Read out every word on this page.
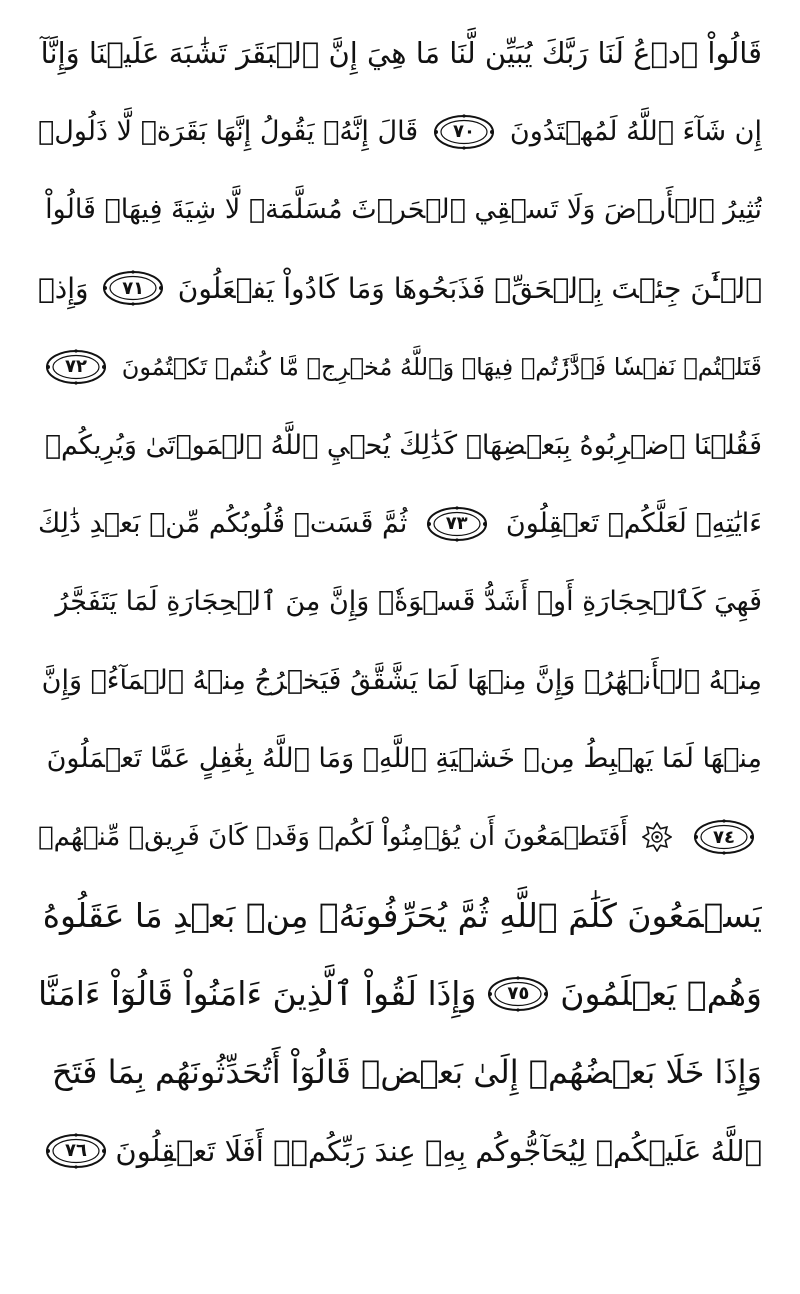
قَالُواْ ٱدۡعُ لَنَا رَبَّكَ يُبَيِّن لَّنَا مَا هِيَ إِنَّ ٱلۡبَقَرَ تَشَٰبَهَ عَلَيۡنَا وَإِنَّآ
إِن شَآءَ ٱللَّهُ لَمُهۡتَدُونَ
٧٠
قَالَ إِنَّهُۥ يَقُولُ إِنَّهَا بَقَرَةٞ لَّا ذَلُولٞ
تُثِيرُ ٱلۡأَرۡضَ وَلَا تَسۡقِي ٱلۡحَرۡثَ مُسَلَّمَةٞ لَّا شِيَةَ فِيهَاۚ قَالُواْ
ٱلۡـَٰٔنَ جِئۡتَ بِٱلۡحَقِّۚ فَذَبَحُوهَا وَمَا كَادُواْ يَفۡعَلُونَ
٧١
وَإِذۡ
قَتَلۡتُمۡ نَفۡسٗا فَٱدَّٰرَٰٔتُمۡ فِيهَاۖ وَٱللَّهُ مُخۡرِجٞ مَّا كُنتُمۡ تَكۡتُمُونَ
٧٢
فَقُلۡنَا ٱضۡرِبُوهُ بِبَعۡضِهَاۚ كَذَٰلِكَ يُحۡيِ ٱللَّهُ ٱلۡمَوۡتَىٰ وَيُرِيكُمۡ
ءَايَٰتِهِۦ لَعَلَّكُمۡ تَعۡقِلُونَ
٧٣
ثُمَّ قَسَتۡ قُلُوبُكُم مِّنۢ بَعۡدِ ذَٰلِكَ
فَهِيَ كَٱلۡحِجَارَةِ أَوۡ أَشَدُّ قَسۡوَةٗۚ وَإِنَّ مِنَ ٱلۡحِجَارَةِ لَمَا يَتَفَجَّرُ
مِنۡهُ ٱلۡأَنۡهَٰرُۚ وَإِنَّ مِنۡهَا لَمَا يَشَّقَّقُ فَيَخۡرُجُ مِنۡهُ ٱلۡمَآءُۚ وَإِنَّ
مِنۡهَا لَمَا يَهۡبِطُ مِنۡ خَشۡيَةِ ٱللَّهِۗ وَمَا ٱللَّهُ بِغَٰفِلٍ عَمَّا تَعۡمَلُونَ
٧٤
أَفَتَطۡمَعُونَ أَن يُؤۡمِنُواْ لَكُمۡ وَقَدۡ كَانَ فَرِيقٞ مِّنۡهُمۡ
يَسۡمَعُونَ كَلَٰمَ ٱللَّهِ ثُمَّ يُحَرِّفُونَهُۥ مِنۢ بَعۡدِ مَا عَقَلُوهُ
وَهُمۡ يَعۡلَمُونَ
٧٥
وَإِذَا لَقُواْ ٱلَّذِينَ ءَامَنُواْ قَالُوٓاْ ءَامَنَّا
وَإِذَا خَلَا بَعۡضُهُمۡ إِلَىٰ بَعۡضٖ قَالُوٓاْ أَتُحَدِّثُونَهُم بِمَا فَتَحَ
ٱللَّهُ عَلَيۡكُمۡ لِيُحَآجُّوكُم بِهِۦ عِندَ رَبِّكُمۡۚ أَفَلَا تَعۡقِلُونَ
٧٦
